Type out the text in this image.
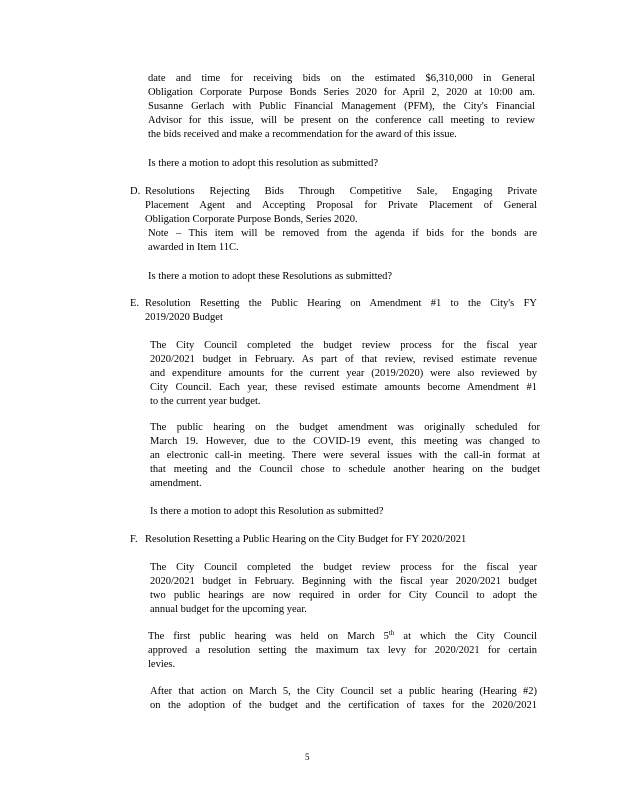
date and time for receiving bids on the estimated $6,310,000 in General
Obligation Corporate Purpose Bonds Series 2020 for April 2, 2020 at 10:00 am.
Susanne Gerlach with Public Financial Management (PFM), the City's Financial
Advisor for this issue, will be present on the conference call meeting to review
the bids received and make a recommendation for the award of this issue.
Is there a motion to adopt this resolution as submitted?
D. Resolutions Rejecting Bids Through Competitive Sale, Engaging Private
Placement Agent and Accepting Proposal for Private Placement of General
Obligation Corporate Purpose Bonds, Series 2020.
Note – This item will be removed from the agenda if bids for the bonds are
awarded in Item 11C.
Is there a motion to adopt these Resolutions as submitted?
E. Resolution Resetting the Public Hearing on Amendment #1 to the City's FY
2019/2020 Budget
The City Council completed the budget review process for the fiscal year
2020/2021 budget in February. As part of that review, revised estimate revenue
and expenditure amounts for the current year (2019/2020) were also reviewed by
City Council. Each year, these revised estimate amounts become Amendment #1
to the current year budget.
The public hearing on the budget amendment was originally scheduled for
March 19. However, due to the COVID-19 event, this meeting was changed to
an electronic call-in meeting. There were several issues with the call-in format at
that meeting and the Council chose to schedule another hearing on the budget
amendment.
Is there a motion to adopt this Resolution as submitted?
F. Resolution Resetting a Public Hearing on the City Budget for FY 2020/2021
The City Council completed the budget review process for the fiscal year
2020/2021 budget in February. Beginning with the fiscal year 2020/2021 budget
two public hearings are now required in order for City Council to adopt the
annual budget for the upcoming year.
The first public hearing was held on March 5th at which the City Council
approved a resolution setting the maximum tax levy for 2020/2021 for certain
levies.
After that action on March 5, the City Council set a public hearing (Hearing #2)
on the adoption of the budget and the certification of taxes for the 2020/2021
5
